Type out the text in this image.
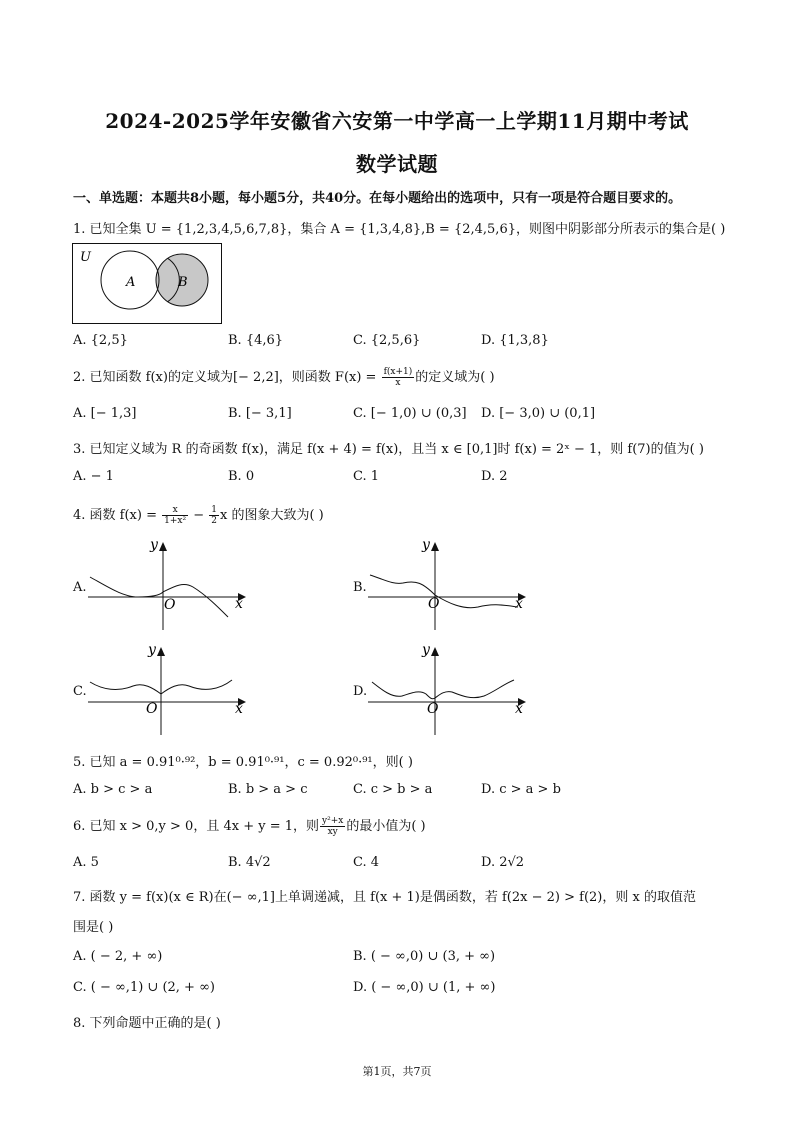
2024-2025学年安徽省六安第一中学高一上学期11月期中考试
数学试题
一、单选题：本题共8小题，每小题5分，共40分。在每小题给出的选项中，只有一项是符合题目要求的。
1. 已知全集 U = {1,2,3,4,5,6,7,8}，集合 A = {1,3,4,8},B = {2,4,5,6}，则图中阴影部分所表示的集合是( )
U
A	B
A. {2,5}	B. {4,6}	C. {2,5,6}	D. {1,3,8}
2. 已知函数 f(x)的定义域为[− 2,2]，则函数 $F(x) = \frac{f(x+1)}{x}$ 的定义域为( )
A. [− 1,3]	B. [− 3,1]	C. [− 1,0) ∪ (0,3] D. [− 3,0) ∪ (0,1]
3. 已知定义域为 R 的奇函数 f(x)，满足 f(x + 4) = f(x)，且当 x ∈ [0,1]时 f(x) = 2ˣ − 1，则 f(7)的值为( )
A. − 1	B. 0	C. 1	D. 2
4. 函数 $f(x) = \frac{x}{\text{1+x²}} - \frac{1}{2}$ x 的图象大致为( )
A.	B.
C.	D.
y
x
O
y
x
O
y
x
O
y
x
O
5. 已知 a = 0.91⁰·⁹²，b = 0.91⁰·⁹¹，c = 0.92⁰·⁹¹，则( )
A. b > c > a	B. b > a > c	C. c > b > a	D. c > a > b
6. 已知 x > 0,y > 0，且 4x + y = 1，则 $\frac{\text{y²+x}}{xy}$ 的最小值为( )
A. 5	B. 4√2	C. 4	D. 2√2
7. 函数 y = f(x)(x ∈ R)在(− ∞,1]上单调递减，且 f(x + 1)是偶函数，若 f(2x − 2) > f(2)，则 x 的取值范
围是( )
A. ( − 2, + ∞)	B. ( − ∞,0) ∪ (3, + ∞)
C. ( − ∞,1) ∪ (2, + ∞)	D. ( − ∞,0) ∪ (1, + ∞)
8. 下列命题中正确的是( )
第1页，共7页
